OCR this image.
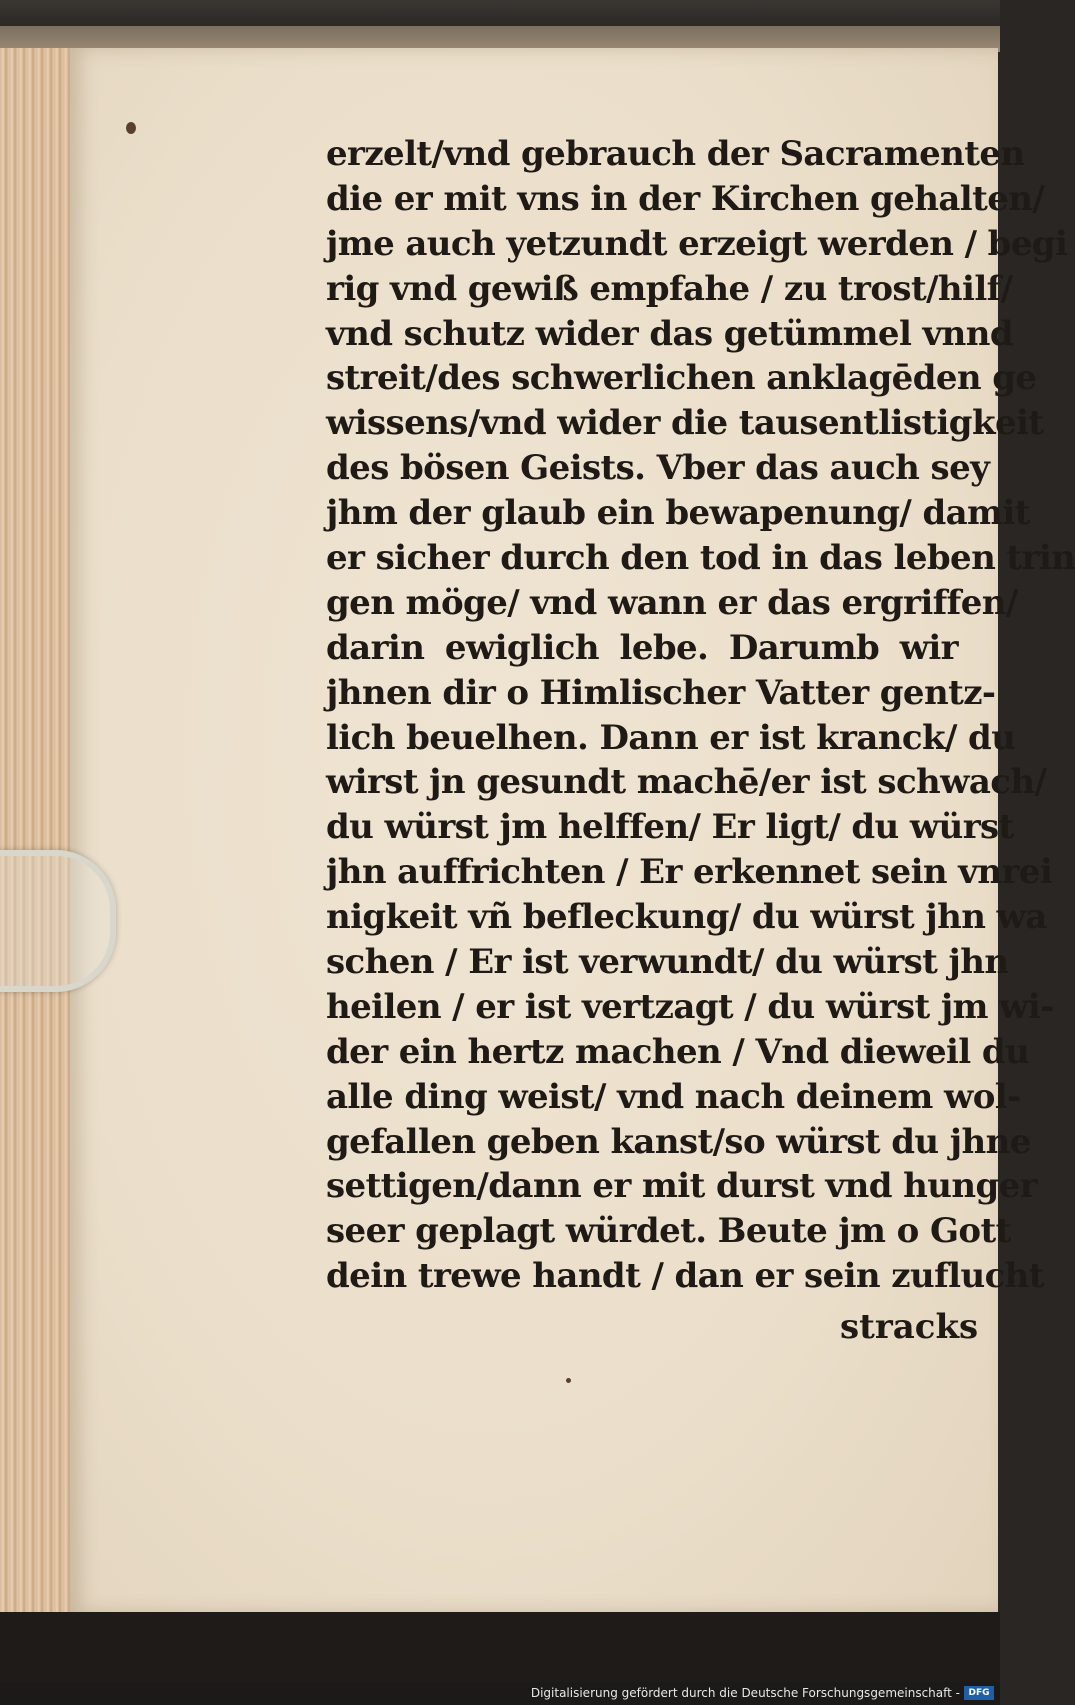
erzelt/vnd gebrauch der Sacramenten
die er mit vns in der Kirchen gehalten/
jme auch yetzundt erzeigt werden / begi
rig vnd gewiß empfahe / zu trost/hilf/
vnd schutz wider das getümmel vnnd
streit/des schwerlichen anklagēden ge
wissens/vnd wider die tausentlistigkeit
des bösen Geists. Vber das auch sey
jhm der glaub ein bewapenung/ damit
er sicher durch den tod in das leben trin
gen möge/ vnd wann er das ergriffen/
darin ewiglich lebe. Darumb wir
jhnen dir o Himlischer Vatter gentz-
lich beuelhen. Dann er ist kranck/ du
wirst jn gesundt machē/er ist schwach/
du würst jm helffen/ Er ligt/ du würst
jhn auffrichten / Er erkennet sein vnrei
nigkeit vñ befleckung/ du würst jhn wa
schen / Er ist verwundt/ du würst jhn
heilen / er ist vertzagt / du würst jm wi-
der ein hertz machen / Vnd dieweil du
alle ding weist/ vnd nach deinem wol-
gefallen geben kanst/so würst du jhne
settigen/dann er mit durst vnd hunger
seer geplagt würdet. Beute jm o Gott
dein trewe handt / dan er sein zuflucht
stracks
Digitalisierung gefördert durch die Deutsche Forschungsgemeinschaft - DFG
